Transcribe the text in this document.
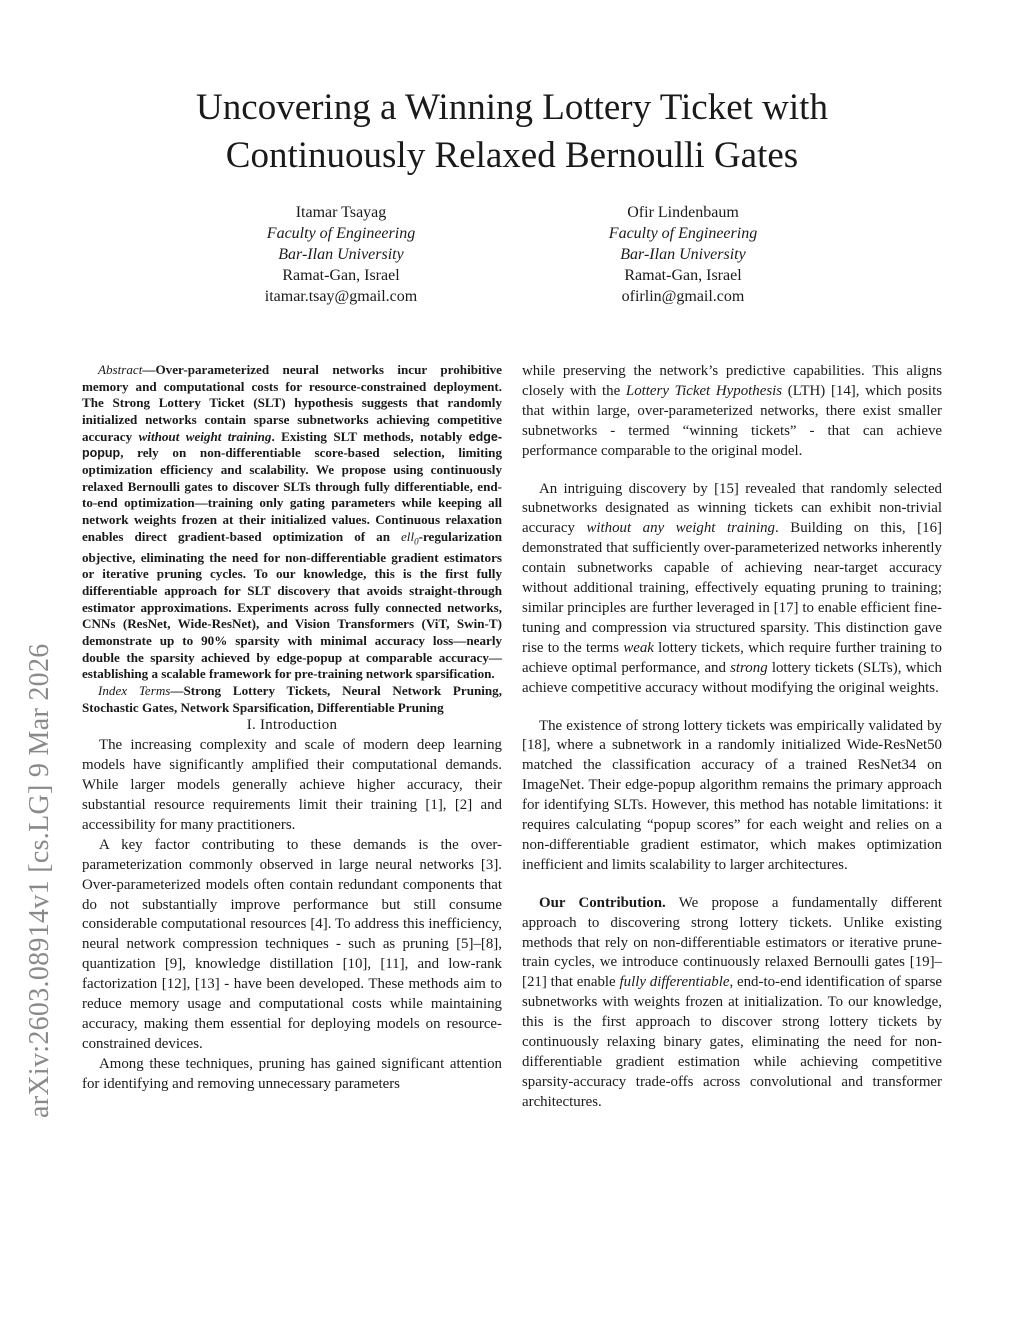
arXiv:2603.08914v1 [cs.LG] 9 Mar 2026
Uncovering a Winning Lottery Ticket with Continuously Relaxed Bernoulli Gates
Itamar Tsayag
Faculty of Engineering
Bar-Ilan University
Ramat-Gan, Israel
itamar.tsay@gmail.com
Ofir Lindenbaum
Faculty of Engineering
Bar-Ilan University
Ramat-Gan, Israel
ofirlin@gmail.com

Abstract—Over-parameterized neural networks incur prohibitive memory and computational costs for resource-constrained deployment. The Strong Lottery Ticket (SLT) hypothesis suggests that randomly initialized networks contain sparse subnetworks achieving competitive accuracy without weight training. Existing SLT methods, notably edge-popup, rely on non-differentiable score-based selection, limiting optimization efficiency and scalability. We propose using continuously relaxed Bernoulli gates to discover SLTs through fully differentiable, end-to-end optimization—training only gating parameters while keeping all network weights frozen at their initialized values. Continuous relaxation enables direct gradient-based optimization of an ell$_0$-regularization objective, eliminating the need for non-differentiable gradient estimators or iterative pruning cycles. To our knowledge, this is the first fully differentiable approach for SLT discovery that avoids straight-through estimator approximations. Experiments across fully connected networks, CNNs (ResNet, Wide-ResNet), and Vision Transformers (ViT, Swin-T) demonstrate up to 90% sparsity with minimal accuracy loss—nearly double the sparsity achieved by edge-popup at comparable accuracy—establishing a scalable framework for pre-training network sparsification.

Index Terms—Strong Lottery Tickets, Neural Network Pruning, Stochastic Gates, Network Sparsification, Differentiable Pruning

I. Introduction

The increasing complexity and scale of modern deep learning models have significantly amplified their computational demands. While larger models generally achieve higher accuracy, their substantial resource requirements limit their training [1], [2] and accessibility for many practitioners.

A key factor contributing to these demands is the over-parameterization commonly observed in large neural networks [3]. Over-parameterized models often contain redundant components that do not substantially improve performance but still consume considerable computational resources [4]. To address this inefficiency, neural network compression techniques - such as pruning [5]–[8], quantization [9], knowledge distillation [10], [11], and low-rank factorization [12], [13] - have been developed. These methods aim to reduce memory usage and computational costs while maintaining accuracy, making them essential for deploying models on resource-constrained devices.

Among these techniques, pruning has gained significant attention for identifying and removing unnecessary parameters

while preserving the network’s predictive capabilities. This aligns closely with the Lottery Ticket Hypothesis (LTH) [14], which posits that within large, over-parameterized networks, there exist smaller subnetworks - termed “winning tickets” - that can achieve performance comparable to the original model.

An intriguing discovery by [15] revealed that randomly selected subnetworks designated as winning tickets can exhibit non-trivial accuracy without any weight training. Building on this, [16] demonstrated that sufficiently over-parameterized networks inherently contain subnetworks capable of achieving near-target accuracy without additional training, effectively equating pruning to training; similar principles are further leveraged in [17] to enable efficient fine-tuning and compression via structured sparsity. This distinction gave rise to the terms weak lottery tickets, which require further training to achieve optimal performance, and strong lottery tickets (SLTs), which achieve competitive accuracy without modifying the original weights.

The existence of strong lottery tickets was empirically validated by [18], where a subnetwork in a randomly initialized Wide-ResNet50 matched the classification accuracy of a trained ResNet34 on ImageNet. Their edge-popup algorithm remains the primary approach for identifying SLTs. However, this method has notable limitations: it requires calculating “popup scores” for each weight and relies on a non-differentiable gradient estimator, which makes optimization inefficient and limits scalability to larger architectures.

Our Contribution. We propose a fundamentally different approach to discovering strong lottery tickets. Unlike existing methods that rely on non-differentiable estimators or iterative prune-train cycles, we introduce continuously relaxed Bernoulli gates [19]–[21] that enable fully differentiable, end-to-end identification of sparse subnetworks with weights frozen at initialization. To our knowledge, this is the first approach to discover strong lottery tickets by continuously relaxing binary gates, eliminating the need for non-differentiable gradient estimation while achieving competitive sparsity-accuracy trade-offs across convolutional and transformer architectures.
